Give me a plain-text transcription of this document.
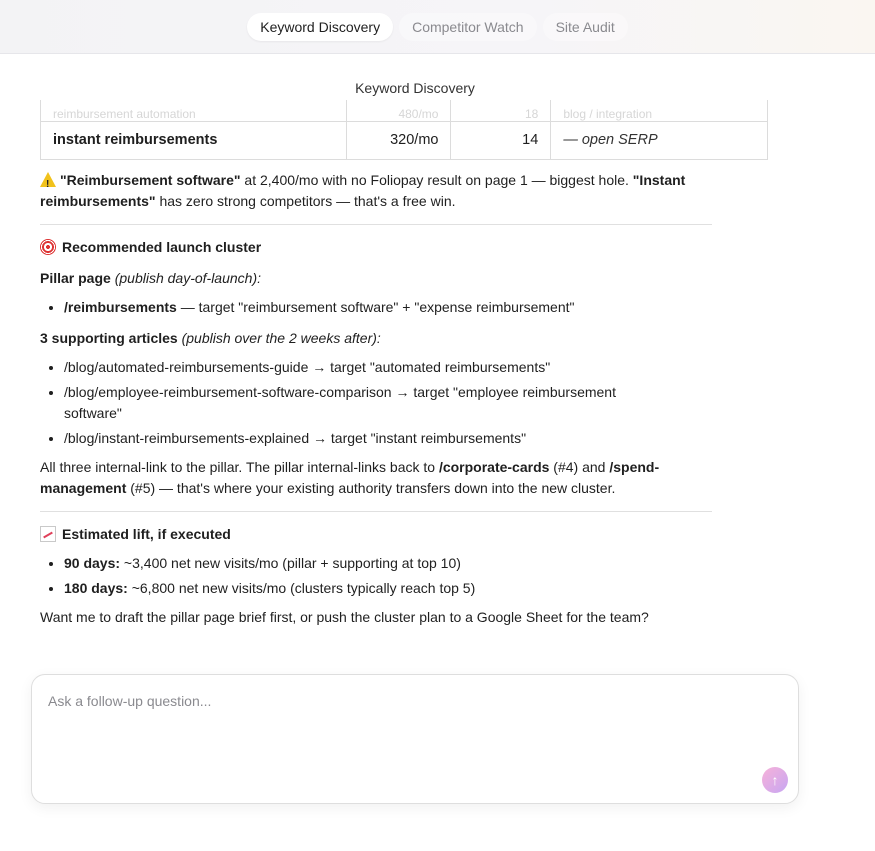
Keyword Discovery	Competitor Watch	Site Audit
Keyword Discovery
reimbursement automation	480/mo	18	blog / integration
instant reimbursements	320/mo	14	— open SERP

!"Reimbursement software" at 2,400/mo with no Foliopay result on page 1 — biggest hole. "Instant reimbursements" has zero strong competitors — that's a free win.

Recommended launch cluster

Pillar page (publish day-of-launch):

• /reimbursements — target "reimbursement software" + "expense reimbursement"

3 supporting articles (publish over the 2 weeks after):

• /blog/automated-reimbursements-guide → target "automated reimbursements"
• /blog/employee-reimbursement-software-comparison → target "employee reimbursement software"
• /blog/instant-reimbursements-explained → target "instant reimbursements"

All three internal-link to the pillar. The pillar internal-links back to /corporate-cards (#4) and /spend-management (#5) — that's where your existing authority transfers down into the new cluster.

Estimated lift, if executed
• 90 days: ~3,400 net new visits/mo (pillar + supporting at top 10)
• 180 days: ~6,800 net new visits/mo (clusters typically reach top 5)

Want me to draft the pillar page brief first, or push the cluster plan to a Google Sheet for the team?

Ask a follow-up question...
↑
